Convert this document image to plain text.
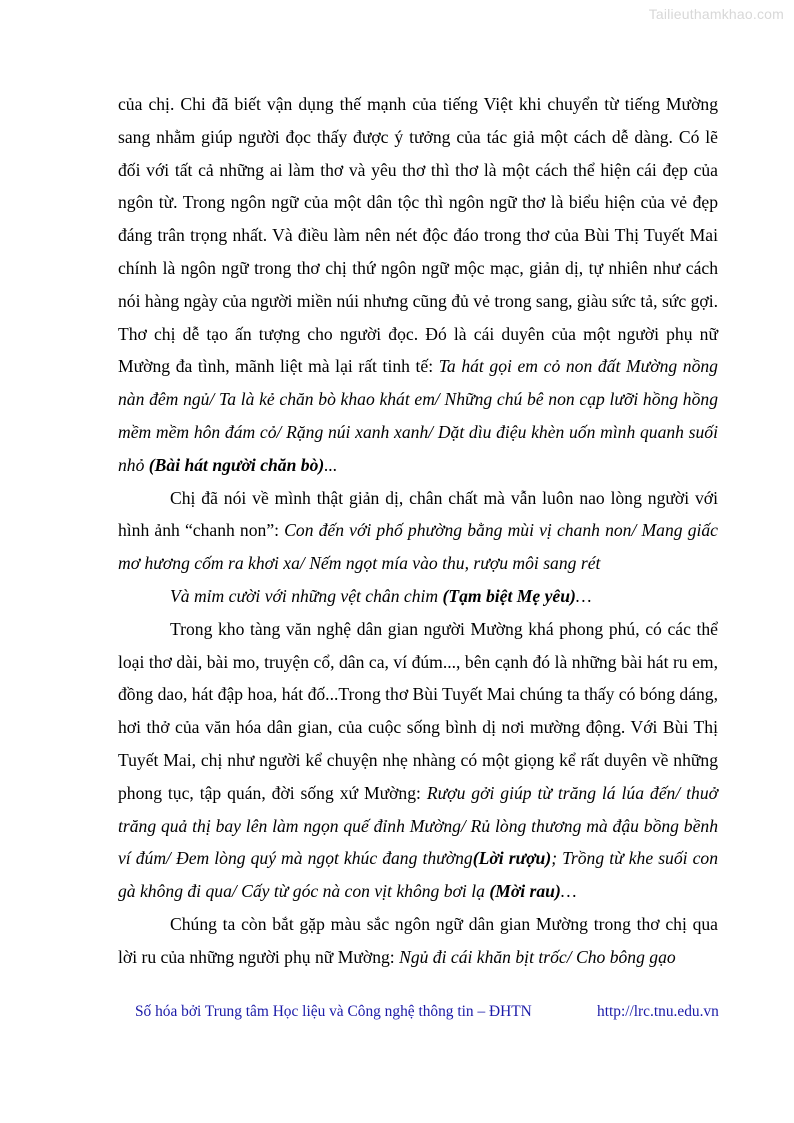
Tailieuthamkhao.com

của chị. Chi đã biết vận dụng thế mạnh của tiếng Việt khi chuyển từ tiếng Mường sang nhằm giúp người đọc thấy được ý tưởng của tác giả một cách dễ dàng. Có lẽ đối với tất cả những ai làm thơ và yêu thơ thì thơ là một cách thể hiện cái đẹp của ngôn từ. Trong ngôn ngữ của một dân tộc thì ngôn ngữ thơ là biểu hiện của vẻ đẹp đáng trân trọng nhất. Và điều làm nên nét độc đáo trong thơ của Bùi Thị Tuyết Mai chính là ngôn ngữ trong thơ chị thứ ngôn ngữ mộc mạc, giản dị, tự nhiên như cách nói hàng ngày của người miền núi nhưng cũng đủ vẻ trong sang, giàu sức tả, sức gợi. Thơ chị dễ tạo ấn tượng cho người đọc. Đó là cái duyên của một người phụ nữ Mường đa tình, mãnh liệt mà lại rất tinh tế: Ta hát gọi em cỏ non đất Mường nồng nàn đêm ngủ/ Ta là kẻ chăn bò khao khát em/ Những chú bê non cạp lưỡi hồng hồng mềm mềm hôn đám cỏ/ Rặng núi xanh xanh/ Dặt dìu điệu khèn uốn mình quanh suối nhỏ (Bài hát người chăn bò)...

Chị đã nói về mình thật giản dị, chân chất mà vẫn luôn nao lòng người với hình ảnh “chanh non”: Con đến với phố phường bằng mùi vị chanh non/ Mang giấc mơ hương cốm ra khơi xa/ Nếm ngọt mía vào thu, rượu môi sang rét

Và mỉm cười với những vệt chân chim (Tạm biệt Mẹ yêu)…

Trong kho tàng văn nghệ dân gian người Mường khá phong phú, có các thể loại thơ dài, bài mo, truyện cổ, dân ca, ví đúm..., bên cạnh đó là những bài hát ru em, đồng dao, hát đập hoa, hát đố...Trong thơ Bùi Tuyết Mai chúng ta thấy có bóng dáng, hơi thở của văn hóa dân gian, của cuộc sống bình dị nơi mường động. Với Bùi Thị Tuyết Mai, chị như người kể chuyện nhẹ nhàng có một giọng kể rất duyên về những phong tục, tập quán, đời sống xứ Mường: Rượu gởi giúp từ trăng lá lúa đến/ thuở trăng quả thị bay lên làm ngọn quế đỉnh Mường/ Rủ lòng thương mà đậu bồng bềnh ví đúm/ Đem lòng quý mà ngọt khúc đang thường(Lời rượu); Trồng từ khe suối con gà không đi qua/ Cấy từ góc nà con vịt không bơi lạ (Mời rau)…

Chúng ta còn bắt gặp màu sắc ngôn ngữ dân gian Mường trong thơ chị qua lời ru của những người phụ nữ Mường: Ngủ đi cái khăn bịt trốc/ Cho bông gạo

Số hóa bởi Trung tâm Học liệu và Công nghệ thông tin – ĐHTN	http://lrc.tnu.edu.vn
